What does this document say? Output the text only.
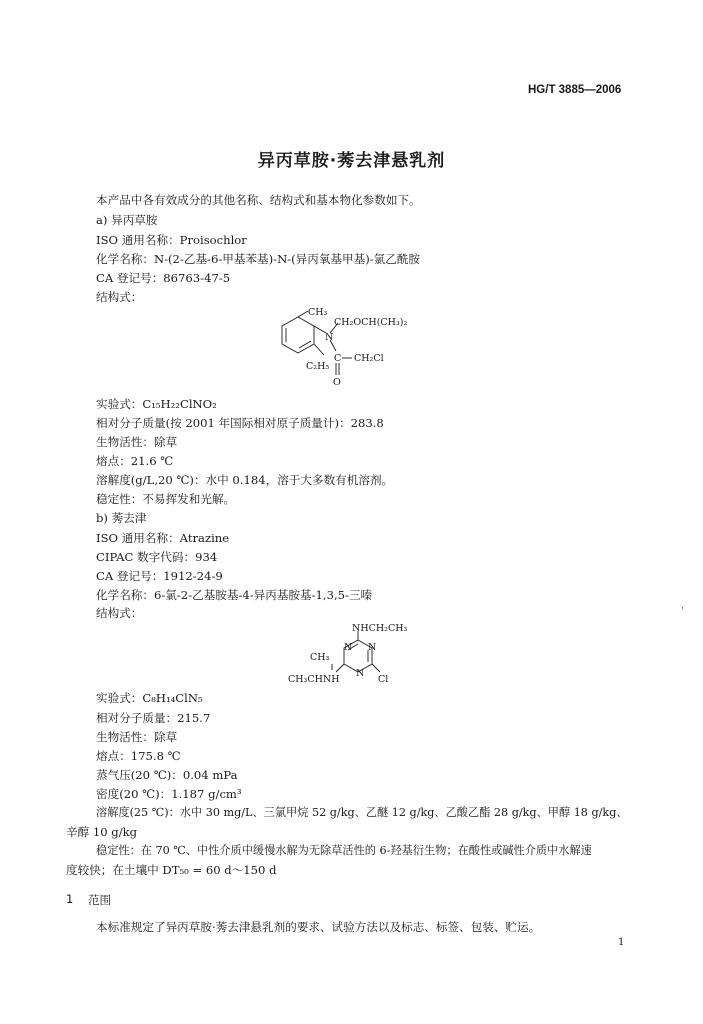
HG/T 3885—2006
异丙草胺·莠去津悬乳剂
本产品中各有效成分的其他名称、结构式和基本物化参数如下。
a) 异丙草胺
ISO 通用名称：Proisochlor
化学名称：N-(2-乙基-6-甲基苯基)-N-(异丙氧基甲基)-氯乙酰胺
CA 登记号：86763-47-5
结构式：
CH₃
CH₂OCH(CH₃)₂
N
C₂H₅
C CH₂Cl
O
实验式：C₁₅H₂₂ClNO₂
相对分子质量(按 2001 年国际相对原子质量计)：283.8
生物活性：除草
熔点：21.6 ℃
溶解度(g/L,20 ℃)：水中 0.184，溶于大多数有机溶剂。
稳定性：不易挥发和光解。
b) 莠去津
ISO 通用名称：Atrazine
CIPAC 数字代码：934
CA 登记号：1912-24-9
化学名称：6-氯-2-乙基胺基-4-异丙基胺基-1,3,5-三嗪
结构式：
NHCH₂CH₃
CH₃
CH₃CHNH
N N
N
Cl
实验式：C₈H₁₄ClN₅
相对分子质量：215.7
生物活性：除草
熔点：175.8 ℃
蒸气压(20 ℃)：0.04 mPa
密度(20 ℃)：1.187 g/cm³
溶解度(25 ℃)：水中 30 mg/L、三氯甲烷 52 g/kg、乙醚 12 g/kg、乙酸乙酯 28 g/kg、甲醇 18 g/kg、
辛醇 10 g/kg
稳定性：在 70 ℃、中性介质中缓慢水解为无除草活性的 6-羟基衍生物；在酸性或碱性介质中水解速
度较快；在土壤中 DT₅₀ = 60 d～150 d
1 范围
本标准规定了异丙草胺·莠去津悬乳剂的要求、试验方法以及标志、标签、包装、贮运。
1
，
